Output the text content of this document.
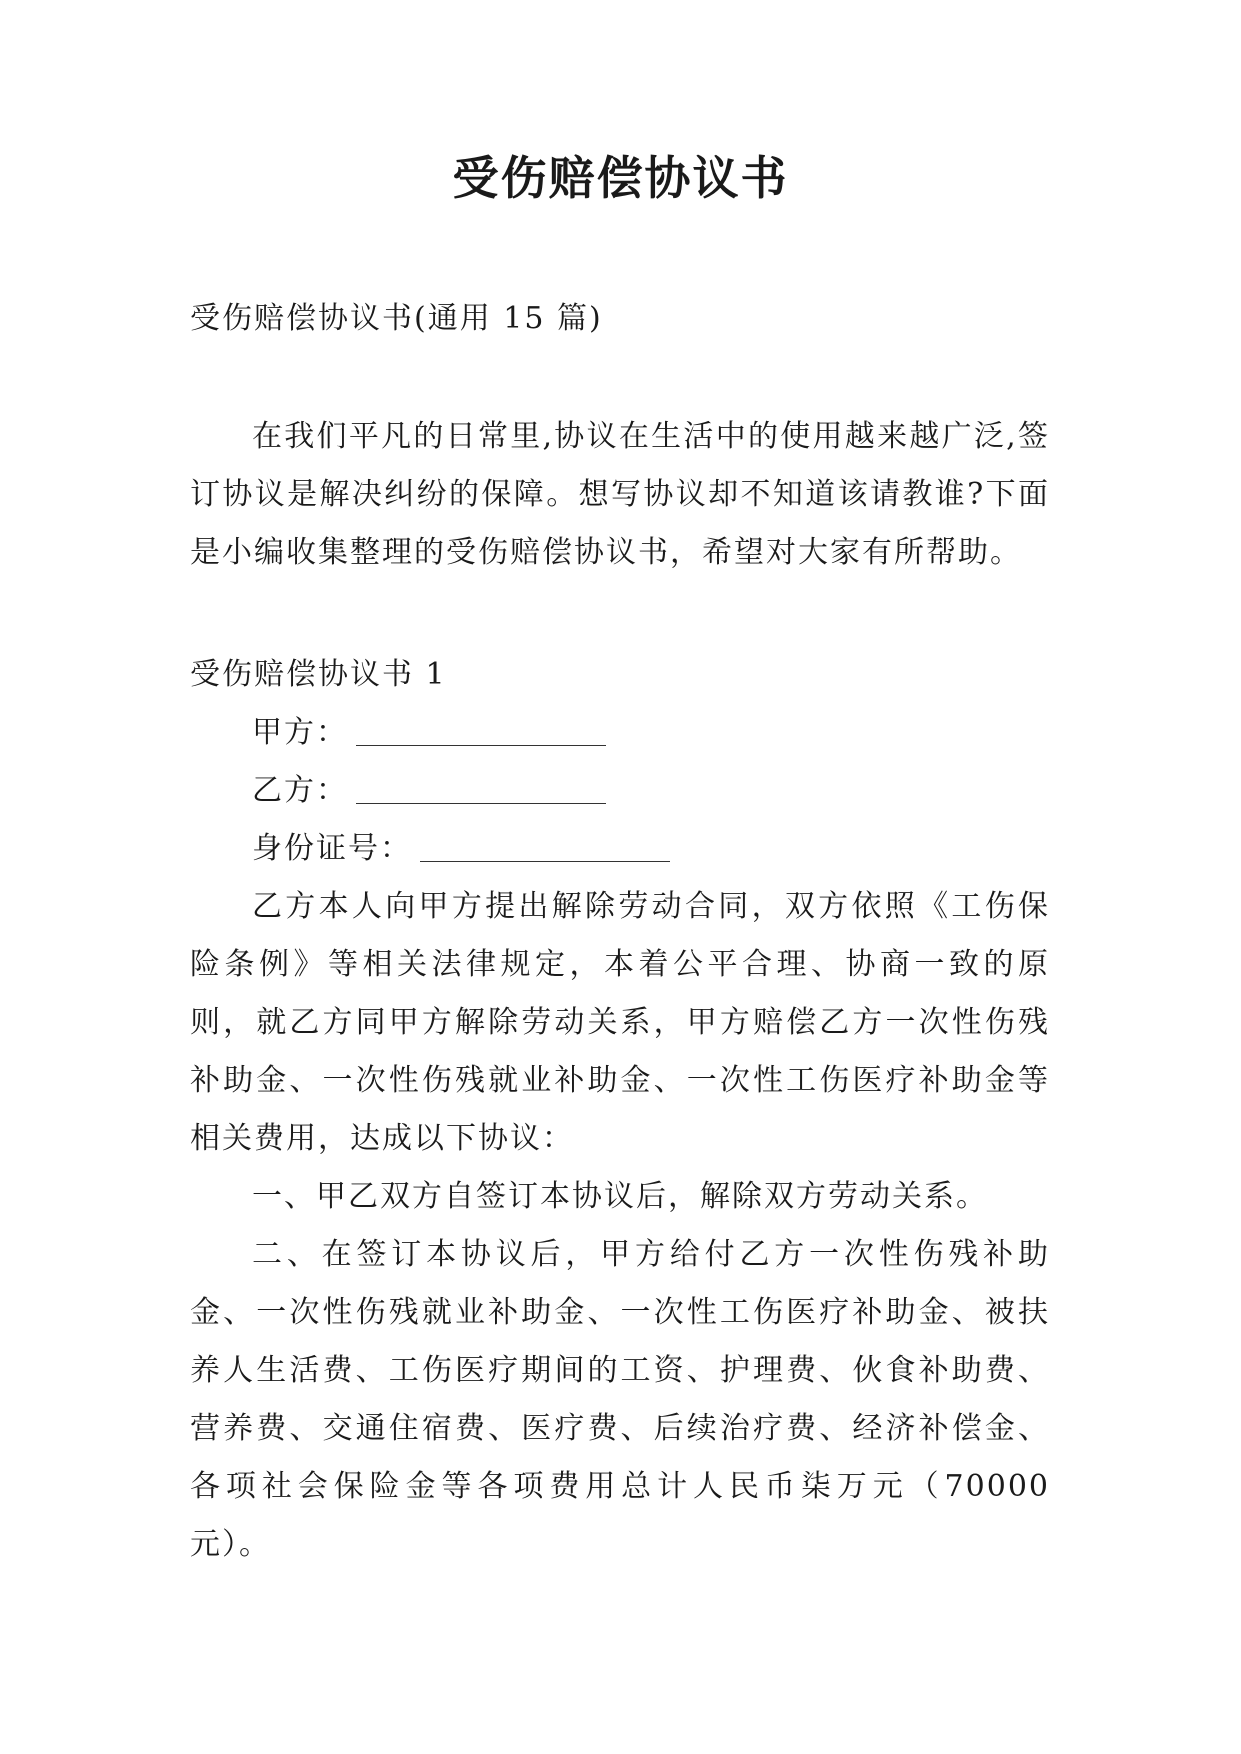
受伤赔偿协议书

受伤赔偿协议书(通用 15 篇)

在我们平凡的日常里,协议在生活中的使用越来越广泛,签订协议是解决纠纷的保障。想写协议却不知道该请教谁?下面是小编收集整理的受伤赔偿协议书，希望对大家有所帮助。

受伤赔偿协议书 1

甲方：

乙方：

身份证号：

乙方本人向甲方提出解除劳动合同，双方依照《工伤保险条例》等相关法律规定，本着公平合理、协商一致的原则，就乙方同甲方解除劳动关系，甲方赔偿乙方一次性伤残补助金、一次性伤残就业补助金、一次性工伤医疗补助金等相关费用，达成以下协议：

一、甲乙双方自签订本协议后，解除双方劳动关系。

二、在签订本协议后，甲方给付乙方一次性伤残补助金、一次性伤残就业补助金、一次性工伤医疗补助金、被扶养人生活费、工伤医疗期间的工资、护理费、伙食补助费、营养费、交通住宿费、医疗费、后续治疗费、经济补偿金、各项社会保险金等各项费用总计人民币柒万元（70000 元）。
